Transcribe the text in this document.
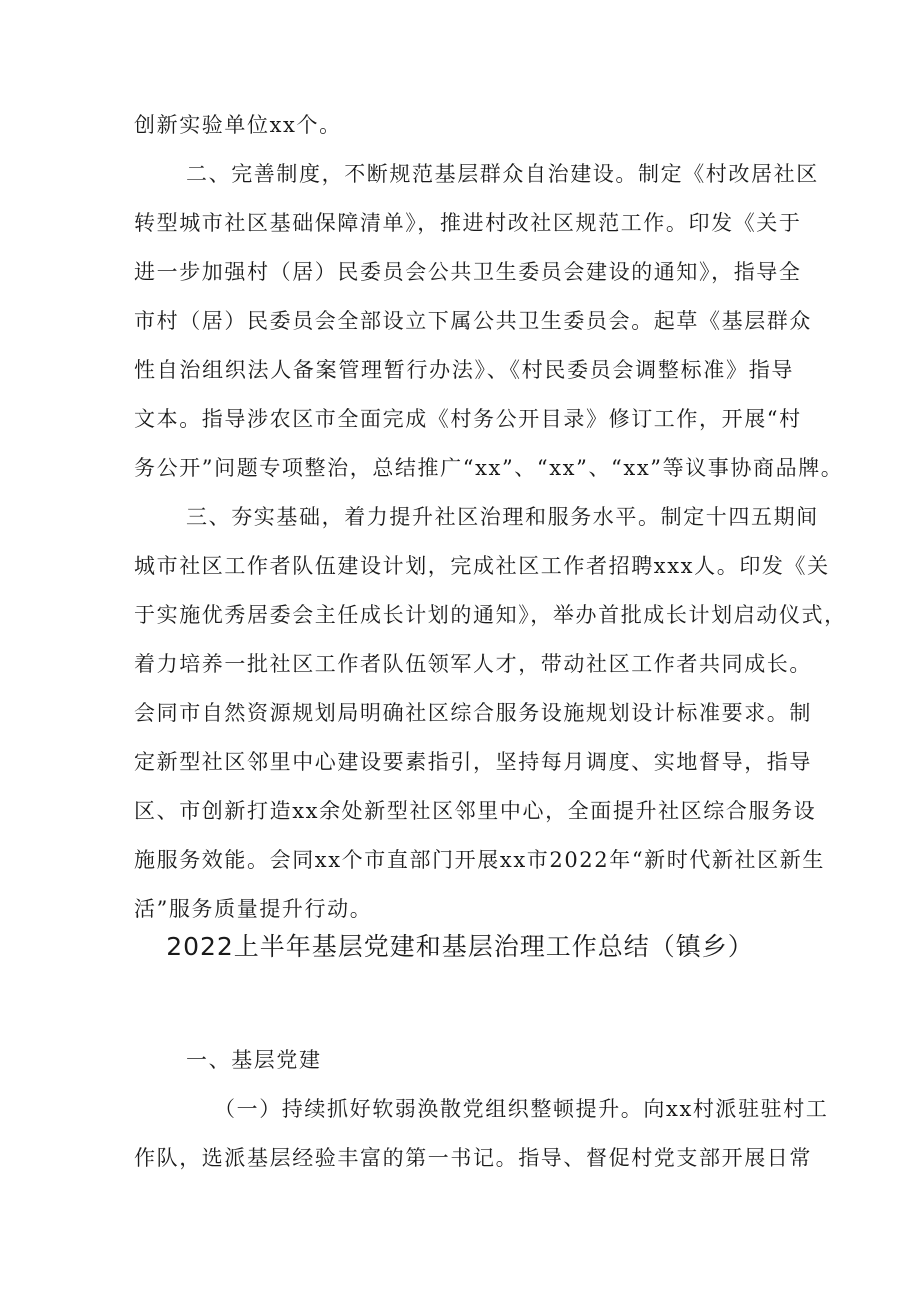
创新实验单位xx个。
二、完善制度，不断规范基层群众自治建设。制定《村改居社区
转型城市社区基础保障清单》，推进村改社区规范工作。印发《关于
进一步加强村（居）民委员会公共卫生委员会建设的通知》，指导全
市村（居）民委员会全部设立下属公共卫生委员会。起草《基层群众
性自治组织法人备案管理暂行办法》、《村民委员会调整标准》指导
文本。指导涉农区市全面完成《村务公开目录》修订工作，开展“村
务公开”问题专项整治，总结推广“xx”、“xx”、“xx”等议事协商品牌。
三、夯实基础，着力提升社区治理和服务水平。制定十四五期间
城市社区工作者队伍建设计划，完成社区工作者招聘xxx人。印发《关
于实施优秀居委会主任成长计划的通知》，举办首批成长计划启动仪式，
着力培养一批社区工作者队伍领军人才，带动社区工作者共同成长。
会同市自然资源规划局明确社区综合服务设施规划设计标准要求。制
定新型社区邻里中心建设要素指引，坚持每月调度、实地督导，指导
区、市创新打造xx余处新型社区邻里中心，全面提升社区综合服务设
施服务效能。会同xx个市直部门开展xx市2022年“新时代新社区新生
活”服务质量提升行动。
2022上半年基层党建和基层治理工作总结（镇乡）
一、基层党建
（一）持续抓好软弱涣散党组织整顿提升。向xx村派驻驻村工
作队，选派基层经验丰富的第一书记。指导、督促村党支部开展日常
